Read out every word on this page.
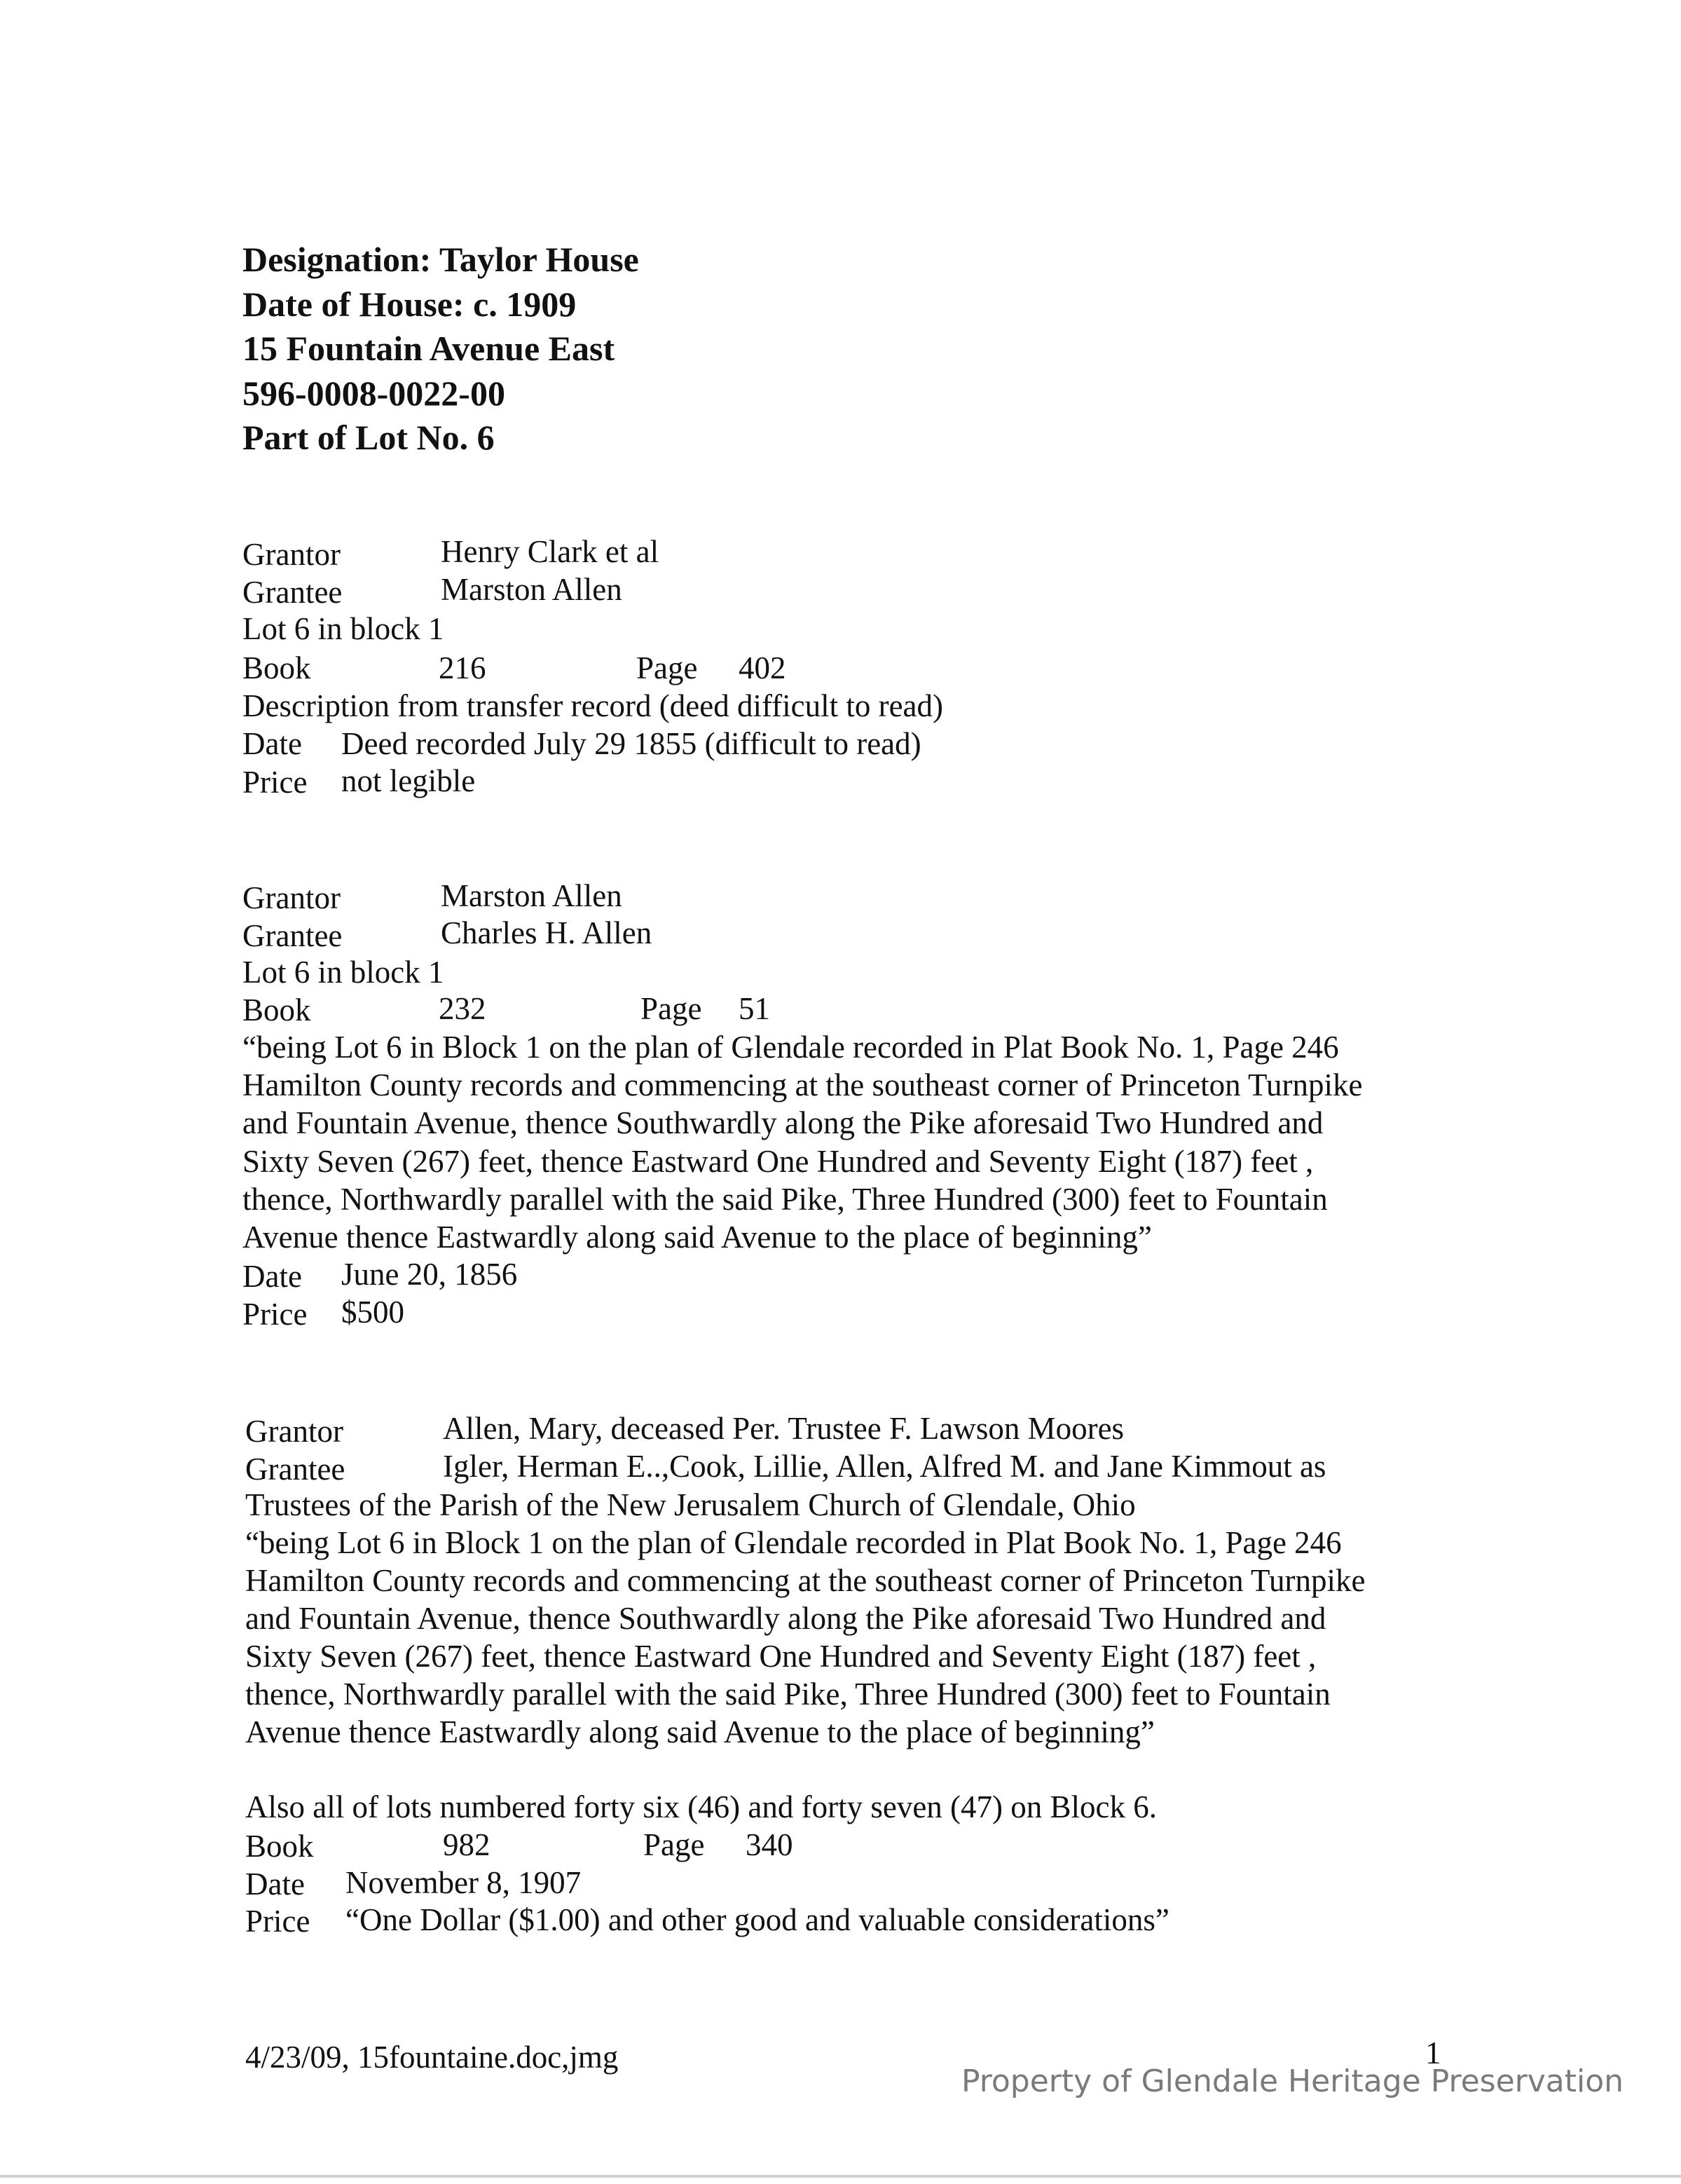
Designation: Taylor House
Date of House: c. 1909
15 Fountain Avenue East
596-0008-0022-00
Part of Lot No. 6
Grantor	Henry Clark et al
Grantee	Marston Allen
Lot 6 in block 1
Book	216	Page 402
Description from transfer record (deed difficult to read)
Date Deed recorded July 29 1855 (difficult to read)
Price not legible
Grantor	Marston Allen
Grantee	Charles H. Allen
Lot 6 in block 1
Book	232	Page 51
“being Lot 6 in Block 1 on the plan of Glendale recorded in Plat Book No. 1, Page 246
Hamilton County records and commencing at the southeast corner of Princeton Turnpike
and Fountain Avenue, thence Southwardly along the Pike aforesaid Two Hundred and
Sixty Seven (267) feet, thence Eastward One Hundred and Seventy Eight (187) feet ,
thence, Northwardly parallel with the said Pike, Three Hundred (300) feet to Fountain
Avenue thence Eastwardly along said Avenue to the place of beginning”
Date June 20, 1856
Price $500
Grantor	Allen, Mary, deceased Per. Trustee F. Lawson Moores
Grantee	Igler, Herman E..,Cook, Lillie, Allen, Alfred M. and Jane Kimmout as
Trustees of the Parish of the New Jerusalem Church of Glendale, Ohio
“being Lot 6 in Block 1 on the plan of Glendale recorded in Plat Book No. 1, Page 246
Hamilton County records and commencing at the southeast corner of Princeton Turnpike
and Fountain Avenue, thence Southwardly along the Pike aforesaid Two Hundred and
Sixty Seven (267) feet, thence Eastward One Hundred and Seventy Eight (187) feet ,
thence, Northwardly parallel with the said Pike, Three Hundred (300) feet to Fountain
Avenue thence Eastwardly along said Avenue to the place of beginning”
Also all of lots numbered forty six (46) and forty seven (47) on Block 6.
Book	982	Page 340
Date November 8, 1907
Price “One Dollar ($1.00) and other good and valuable considerations”
4/23/09, 15fountaine.doc,jmg	1
Property of Glendale Heritage Preservation
